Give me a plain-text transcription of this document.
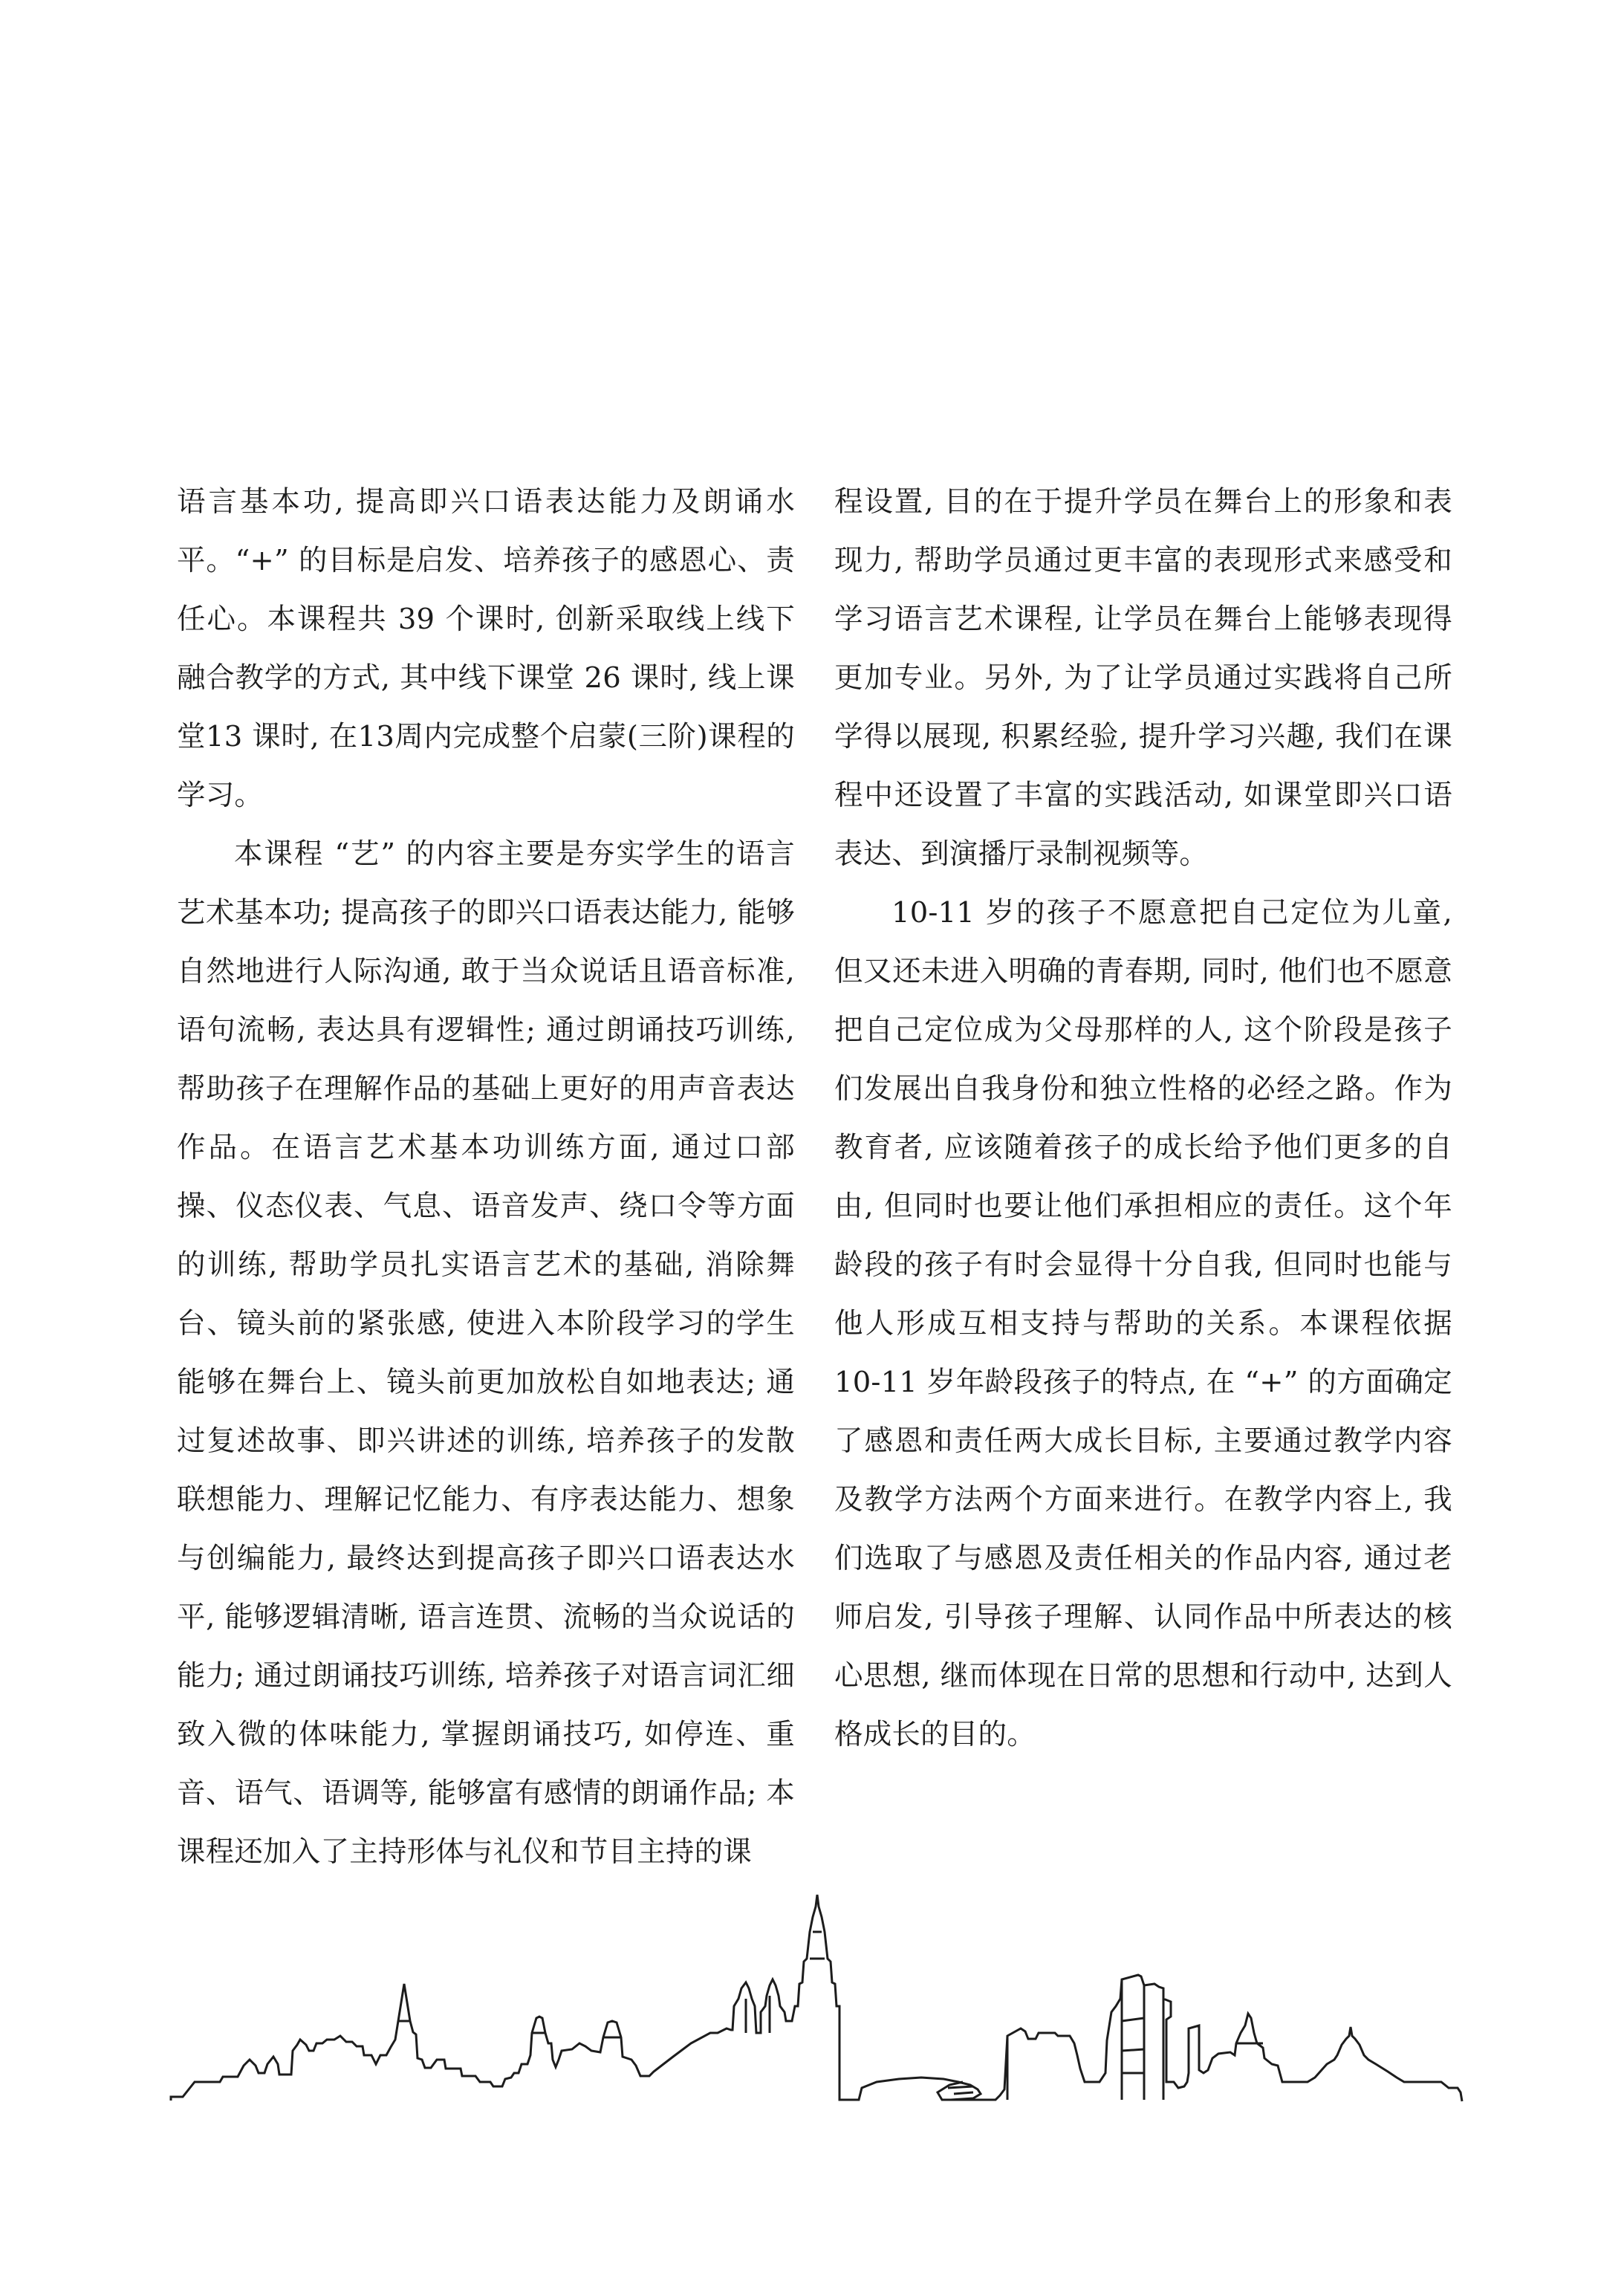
语言基本功, 提高即兴口语表达能力及朗诵水平。“+” 的目标是启发、培养孩子的感恩心、责任心。本课程共 39 个课时, 创新采取线上线下融合教学的方式, 其中线下课堂 26 课时, 线上课堂13 课时, 在13周内完成整个启蒙(三阶)课程的学习。

本课程 “艺” 的内容主要是夯实学生的语言艺术基本功; 提高孩子的即兴口语表达能力, 能够自然地进行人际沟通, 敢于当众说话且语音标准, 语句流畅, 表达具有逻辑性; 通过朗诵技巧训练, 帮助孩子在理解作品的基础上更好的用声音表达作品。在语言艺术基本功训练方面, 通过口部操、仪态仪表、气息、语音发声、绕口令等方面的训练, 帮助学员扎实语言艺术的基础, 消除舞台、镜头前的紧张感, 使进入本阶段学习的学生能够在舞台上、镜头前更加放松自如地表达; 通过复述故事、即兴讲述的训练, 培养孩子的发散联想能力、理解记忆能力、有序表达能力、想象与创编能力, 最终达到提高孩子即兴口语表达水平, 能够逻辑清晰, 语言连贯、流畅的当众说话的能力; 通过朗诵技巧训练, 培养孩子对语言词汇细致入微的体味能力, 掌握朗诵技巧, 如停连、重音、语气、语调等, 能够富有感情的朗诵作品; 本课程还加入了主持形体与礼仪和节目主持的课

程设置, 目的在于提升学员在舞台上的形象和表现力, 帮助学员通过更丰富的表现形式来感受和学习语言艺术课程, 让学员在舞台上能够表现得更加专业。另外, 为了让学员通过实践将自己所学得以展现, 积累经验, 提升学习兴趣, 我们在课程中还设置了丰富的实践活动, 如课堂即兴口语表达、到演播厅录制视频等。

10-11 岁的孩子不愿意把自己定位为儿童, 但又还未进入明确的青春期, 同时, 他们也不愿意把自己定位成为父母那样的人, 这个阶段是孩子们发展出自我身份和独立性格的必经之路。作为教育者, 应该随着孩子的成长给予他们更多的自由, 但同时也要让他们承担相应的责任。这个年龄段的孩子有时会显得十分自我, 但同时也能与他人形成互相支持与帮助的关系。本课程依据 10-11 岁年龄段孩子的特点, 在 “+” 的方面确定了感恩和责任两大成长目标, 主要通过教学内容及教学方法两个方面来进行。在教学内容上, 我们选取了与感恩及责任相关的作品内容, 通过老师启发, 引导孩子理解、认同作品中所表达的核心思想, 继而体现在日常的思想和行动中, 达到人格成长的目的。
